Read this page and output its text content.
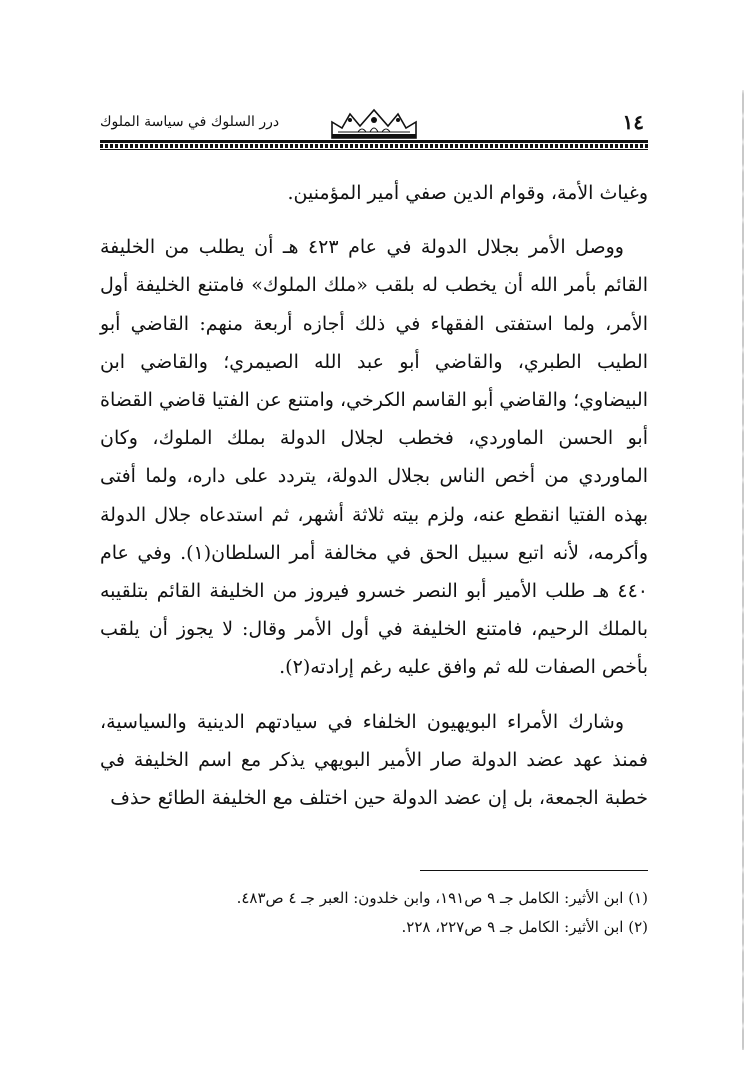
درر السلوك في سياسة الملوك	١٤

وغياث الأمة، وقوام الدين صفي أمير المؤمنين.

ووصل الأمر بجلال الدولة في عام ٤٢٣ هـ أن يطلب من الخليفة القائم بأمر الله أن يخطب له بلقب «ملك الملوك» فامتنع الخليفة أول الأمر، ولما استفتى الفقهاء في ذلك أجازه أربعة منهم: القاضي أبو الطيب الطبري، والقاضي أبو عبد الله الصيمري؛ والقاضي ابن البيضاوي؛ والقاضي أبو القاسم الكرخي، وامتنع عن الفتيا قاضي القضاة أبو الحسن الماوردي، فخطب لجلال الدولة بملك الملوك، وكان الماوردي من أخص الناس بجلال الدولة، يتردد على داره، ولما أفتى بهذه الفتيا انقطع عنه، ولزم بيته ثلاثة أشهر، ثم استدعاه جلال الدولة وأكرمه، لأنه اتبع سبيل الحق في مخالفة أمر السلطان(١). وفي عام ٤٤٠ هـ طلب الأمير أبو النصر خسرو فيروز من الخليفة القائم بتلقيبه بالملك الرحيم، فامتنع الخليفة في أول الأمر وقال: لا يجوز أن يلقب بأخص الصفات لله ثم وافق عليه رغم إرادته(٢).

وشارك الأمراء البويهيون الخلفاء في سيادتهم الدينية والسياسية، فمنذ عهد عضد الدولة صار الأمير البويهي يذكر مع اسم الخليفة في خطبة الجمعة، بل إن عضد الدولة حين اختلف مع الخليفة الطائع حذف

(١) ابن الأثير: الكامل جـ ٩ ص١٩١، وابن خلدون: العبر جـ ٤ ص٤٨٣.
(٢) ابن الأثير: الكامل جـ ٩ ص٢٢٧، ٢٢٨.
